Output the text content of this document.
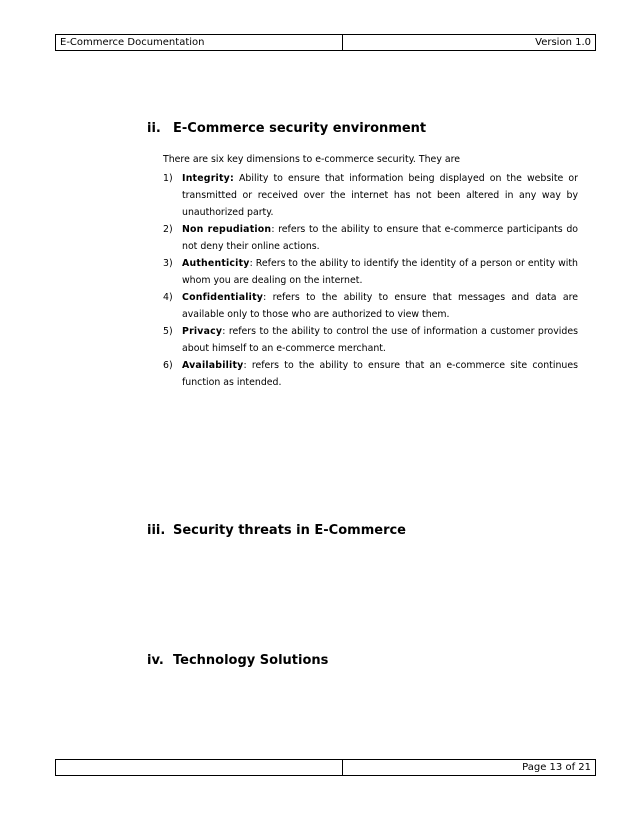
E-Commerce Documentation	Version 1.0
ii. E-Commerce security environment
There are six key dimensions to e-commerce security. They are
1) Integrity: Ability to ensure that information being displayed on the website or transmitted or received over the internet has not been altered in any way by unauthorized party.
2) Non repudiation: refers to the ability to ensure that e-commerce participants do not deny their online actions.
3) Authenticity: Refers to the ability to identify the identity of a person or entity with whom you are dealing on the internet.
4) Confidentiality: refers to the ability to ensure that messages and data are available only to those who are authorized to view them.
5) Privacy: refers to the ability to control the use of information a customer provides about himself to an e-commerce merchant.
6) Availability: refers to the ability to ensure that an e-commerce site continues function as intended.
iii. Security threats in E-Commerce
iv. Technology Solutions
	Page 13 of 21
